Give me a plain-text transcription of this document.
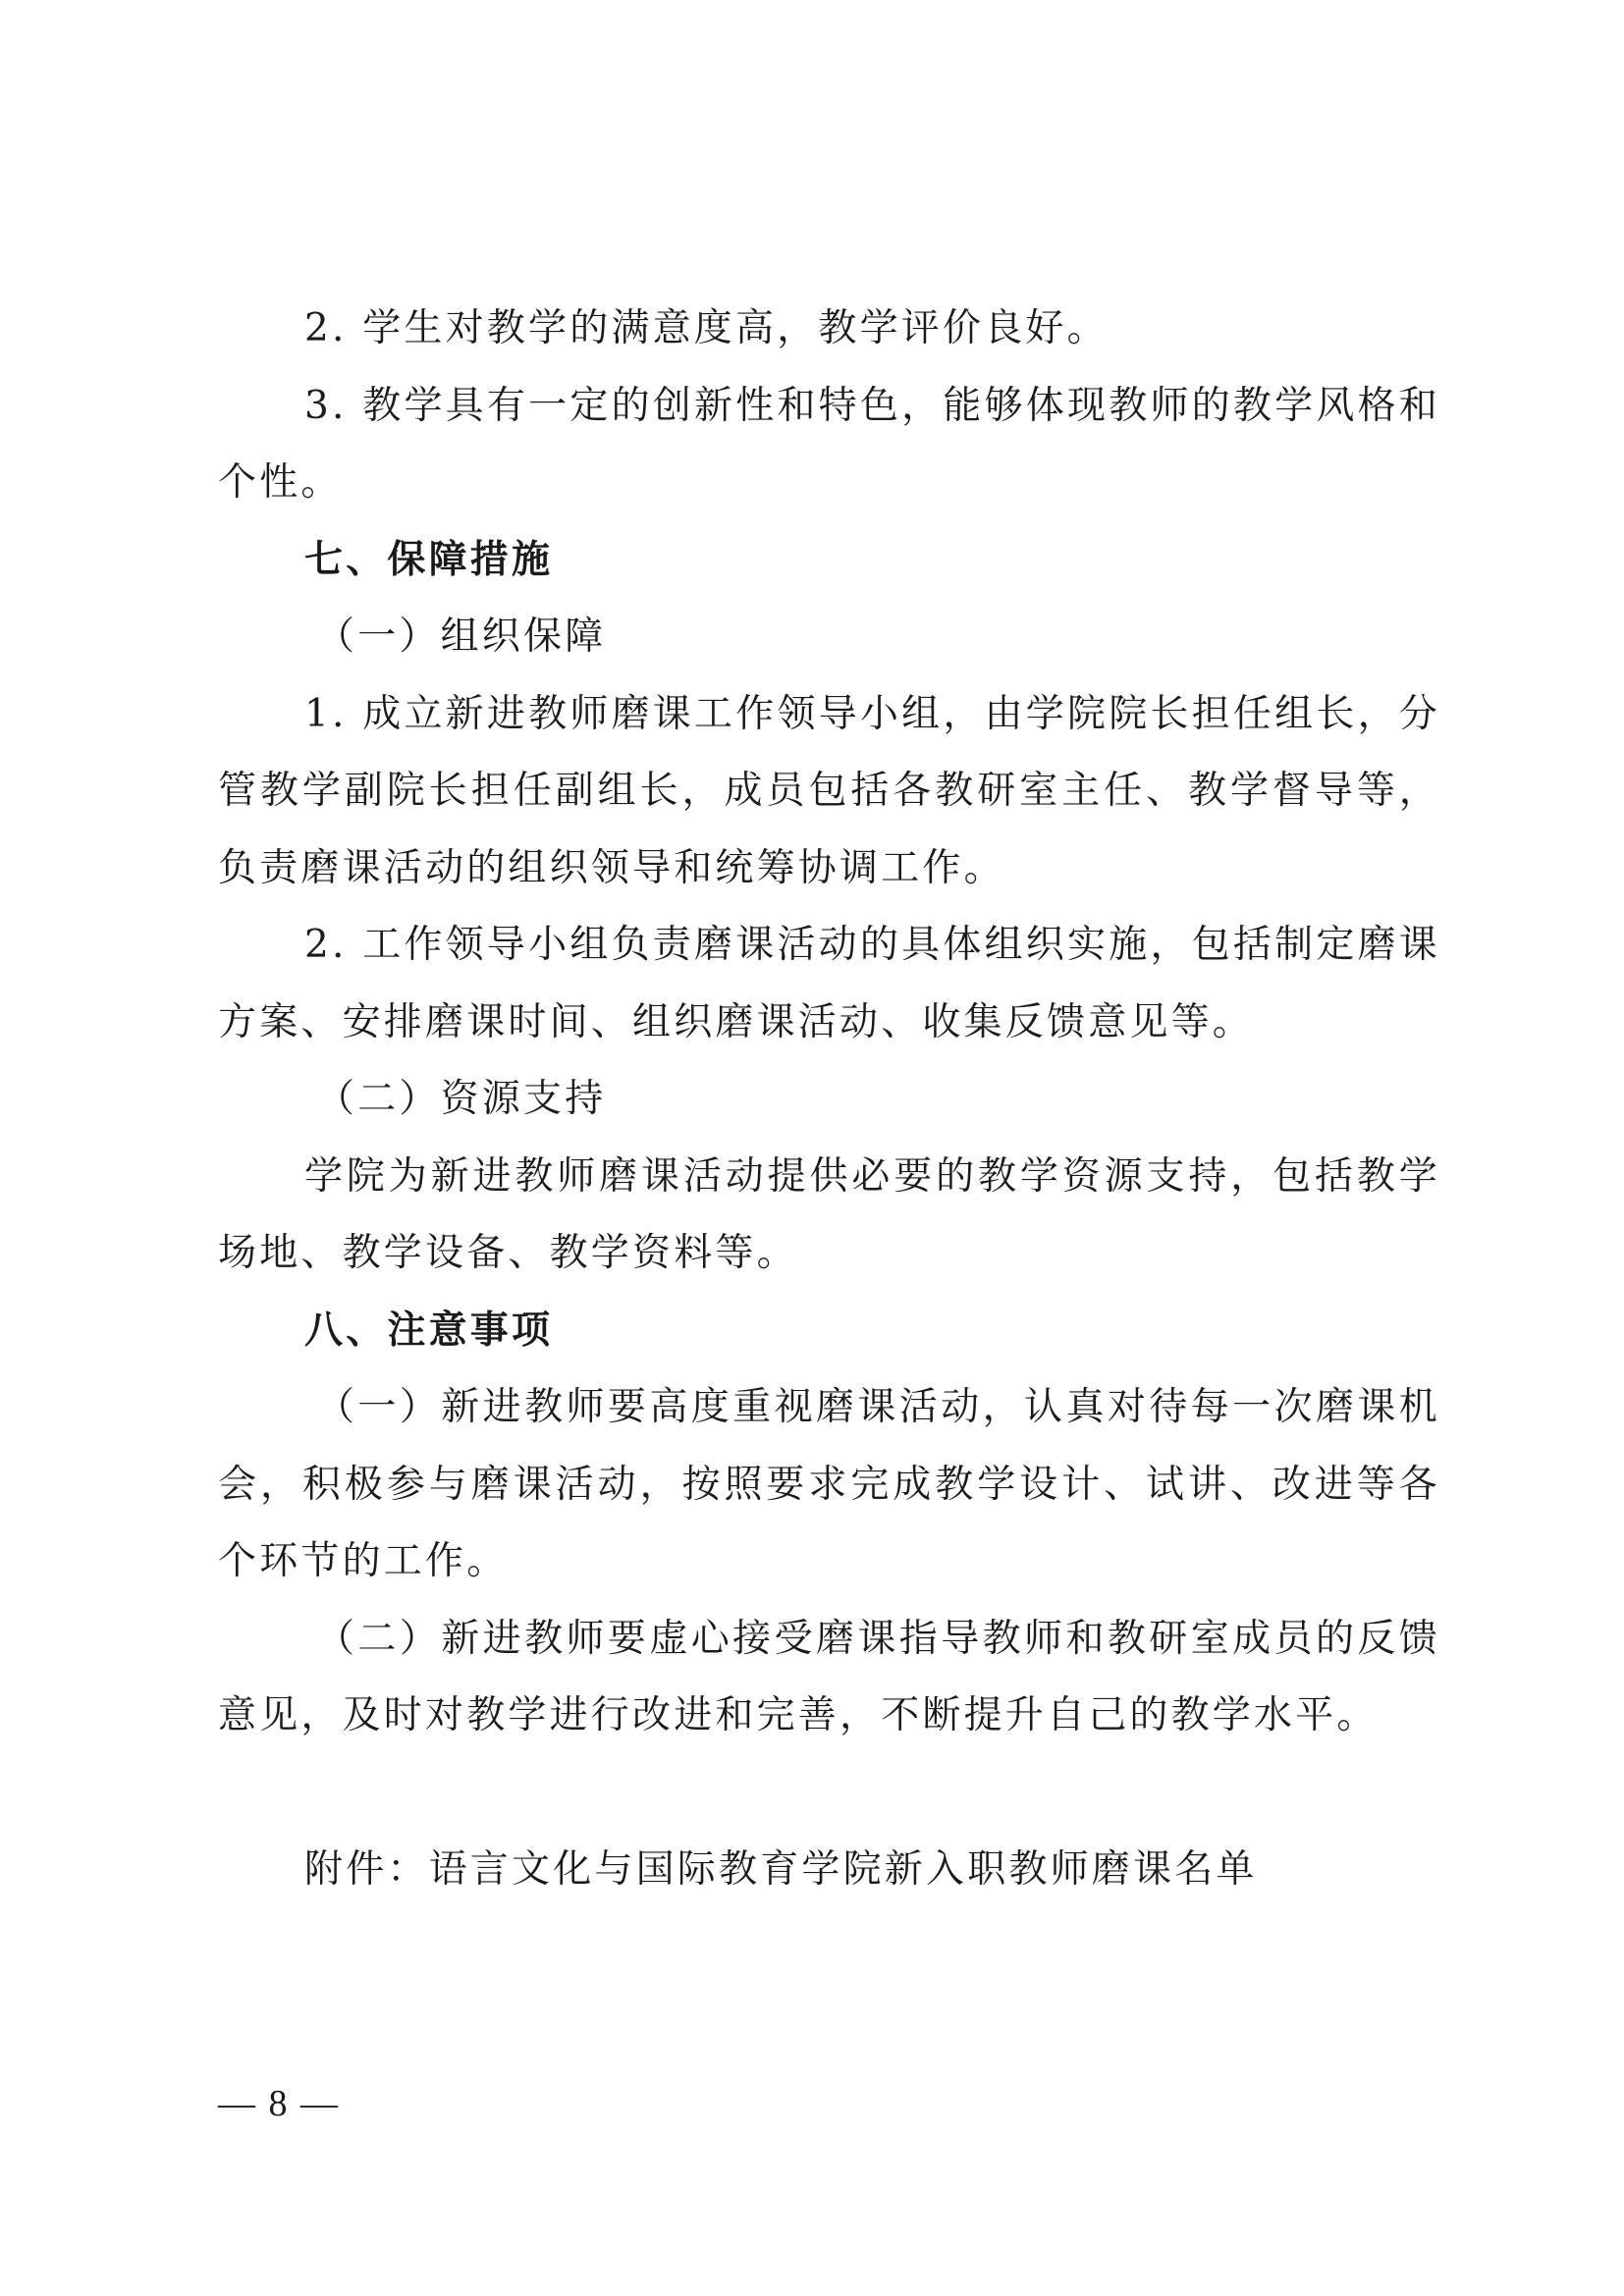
2. 学生对教学的满意度高，教学评价良好。

3. 教学具有一定的创新性和特色，能够体现教师的教学风格和个性。

七、保障措施

（一）组织保障

1. 成立新进教师磨课工作领导小组，由学院院长担任组长，分管教学副院长担任副组长，成员包括各教研室主任、教学督导等，负责磨课活动的组织领导和统筹协调工作。

2. 工作领导小组负责磨课活动的具体组织实施，包括制定磨课方案、安排磨课时间、组织磨课活动、收集反馈意见等。

（二）资源支持

学院为新进教师磨课活动提供必要的教学资源支持，包括教学场地、教学设备、教学资料等。

八、注意事项

（一）新进教师要高度重视磨课活动，认真对待每一次磨课机会，积极参与磨课活动，按照要求完成教学设计、试讲、改进等各个环节的工作。

（二）新进教师要虚心接受磨课指导教师和教研室成员的反馈意见，及时对教学进行改进和完善，不断提升自己的教学水平。

附件：语言文化与国际教育学院新入职教师磨课名单

— 8 —
